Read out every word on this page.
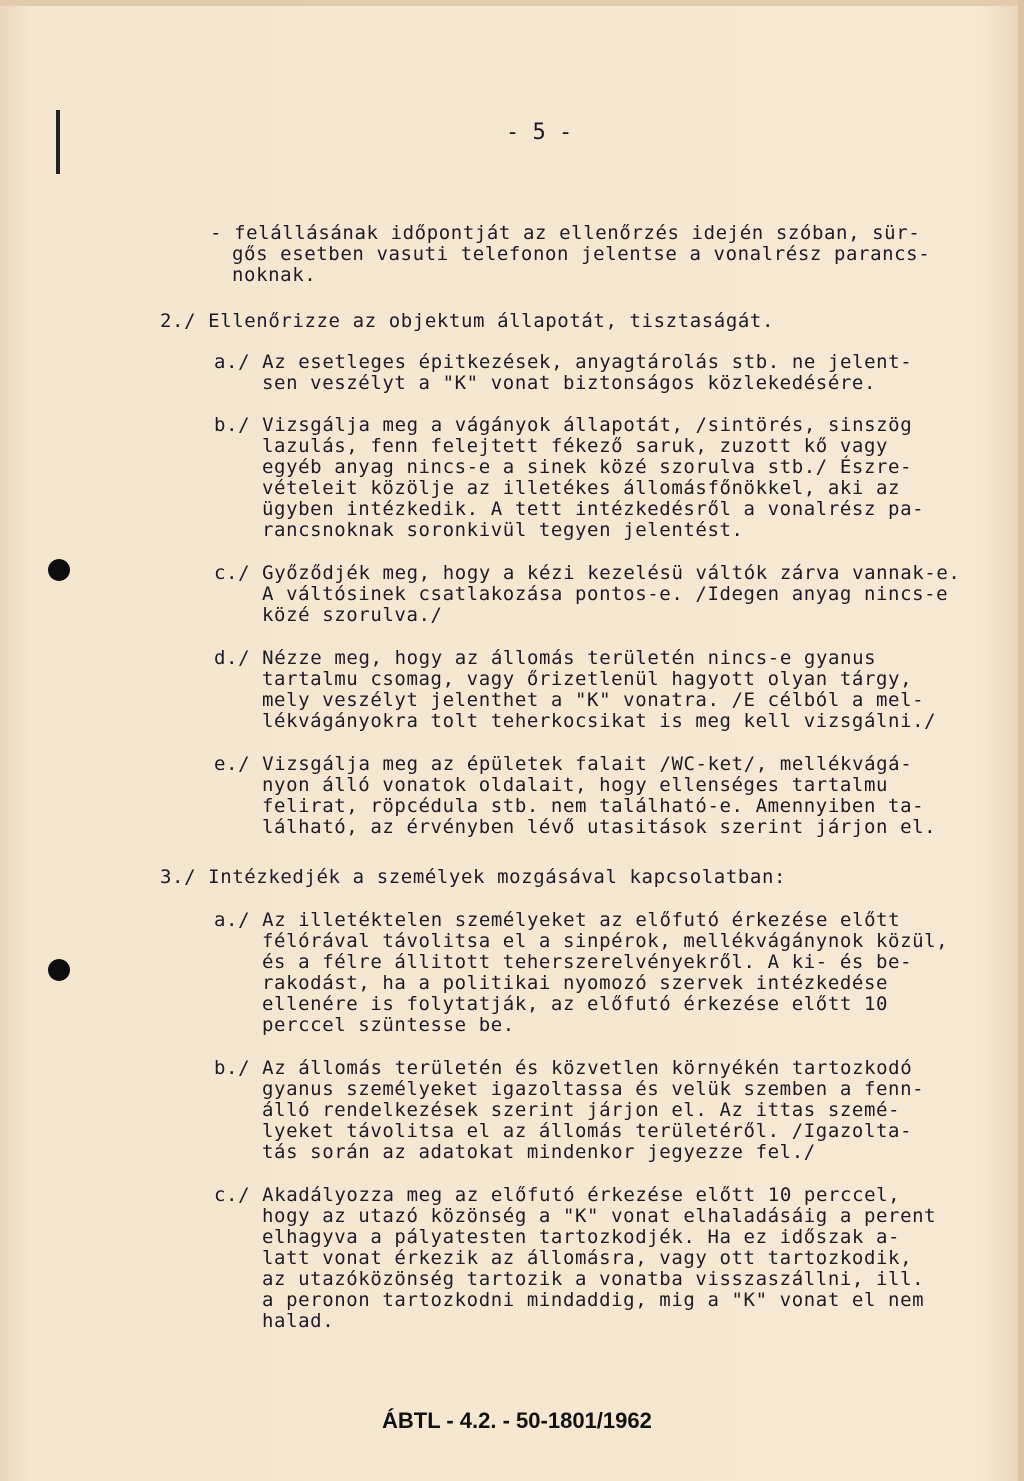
- 5 -
- felállásának időpontját az ellenőrzés idején szóban, sür-
gős esetben vasuti telefonon jelentse a vonalrész parancs-
noknak.
2./ Ellenőrizze az objektum állapotát, tisztaságát.
a./ Az esetleges épitkezések, anyagtárolás stb. ne jelent-
sen veszélyt a "K" vonat biztonságos közlekedésére.
b./ Vizsgálja meg a vágányok állapotát, /sintörés, sinszög
lazulás, fenn felejtett fékező saruk, zuzott kő vagy
egyéb anyag nincs-e a sinek közé szorulva stb./ Észre-
vételeit közölje az illetékes állomásfőnökkel, aki az
ügyben intézkedik. A tett intézkedésről a vonalrész pa-
rancsnoknak soronkivül tegyen jelentést.
c./ Győződjék meg, hogy a kézi kezelésü váltók zárva vannak-e.
A váltósinek csatlakozása pontos-e. /Idegen anyag nincs-e
közé szorulva./
d./ Nézze meg, hogy az állomás területén nincs-e gyanus
tartalmu csomag, vagy őrizetlenül hagyott olyan tárgy,
mely veszélyt jelenthet a "K" vonatra. /E célból a mel-
lékvágányokra tolt teherkocsikat is meg kell vizsgálni./
e./ Vizsgálja meg az épületek falait /WC-ket/, mellékvágá-
nyon álló vonatok oldalait, hogy ellenséges tartalmu
felirat, röpcédula stb. nem található-e. Amennyiben ta-
lálható, az érvényben lévő utasitások szerint járjon el.
3./ Intézkedjék a személyek mozgásával kapcsolatban:
a./ Az illetéktelen személyeket az előfutó érkezése előtt
félórával távolitsa el a sinpérok, mellékvágánynok közül,
és a félre állitott teherszerelvényekről. A ki- és be-
rakodást, ha a politikai nyomozó szervek intézkedése
ellenére is folytatják, az előfutó érkezése előtt 10
perccel szüntesse be.
b./ Az állomás területén és közvetlen környékén tartozkodó
gyanus személyeket igazoltassa és velük szemben a fenn-
álló rendelkezések szerint járjon el. Az ittas szemé-
lyeket távolitsa el az állomás területéről. /Igazolta-
tás során az adatokat mindenkor jegyezze fel./
c./ Akadályozza meg az előfutó érkezése előtt 10 perccel,
hogy az utazó közönség a "K" vonat elhaladásáig a perent
elhagyva a pályatesten tartozkodjék. Ha ez időszak a-
latt vonat érkezik az állomásra, vagy ott tartozkodik,
az utazóközönség tartozik a vonatba visszaszállni, ill.
a peronon tartozkodni mindaddig, mig a "K" vonat el nem
halad.
ÁBTL - 4.2. - 50-1801/1962
